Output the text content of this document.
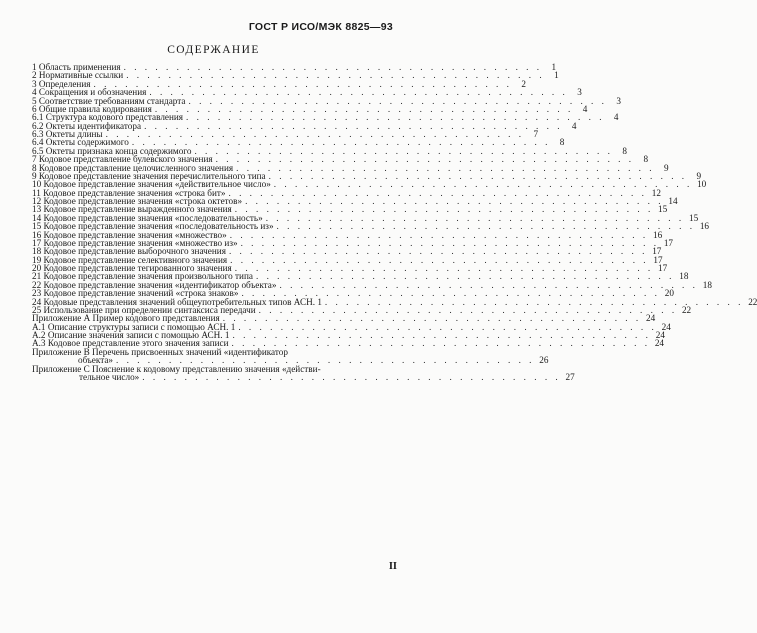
ГОСТ Р ИСО/МЭК 8825—93
СОДЕРЖАНИЕ
1 Область применения . . . . . . . . . . . . . . . . . . . . . . . . . . . . . . . . . . . . . . . .	1
2 Нормативные ссылки . . . . . . . . . . . . . . . . . . . . . . . . . . . . . . . . . . . . . . . .	1
3 Определения . . . . . . . . . . . . . . . . . . . . . . . . . . . . . . . . . . . . . . . .	2
4 Сокращения и обозначения . . . . . . . . . . . . . . . . . . . . . . . . . . . . . . . . . . . . . . . .	3
5 Соответствие требованиям стандарта . . . . . . . . . . . . . . . . . . . . . . . . . . . . . . . . . . . . . . . .	3
6 Общие правила кодирования . . . . . . . . . . . . . . . . . . . . . . . . . . . . . . . . . . . . . . . .	4
6.1 Структура кодового представления . . . . . . . . . . . . . . . . . . . . . . . . . . . . . . . . . . . . . . . .	4
6.2 Октеты идентификатора . . . . . . . . . . . . . . . . . . . . . . . . . . . . . . . . . . . . . . . .	4
6.3 Октеты длины . . . . . . . . . . . . . . . . . . . . . . . . . . . . . . . . . . . . . . . .	7
6.4 Октеты содержимого . . . . . . . . . . . . . . . . . . . . . . . . . . . . . . . . . . . . . . . .	8
6.5 Октеты признака конца содержимого . . . . . . . . . . . . . . . . . . . . . . . . . . . . . . . . . . . . . . . .	8
7 Кодовое представление булевского значения . . . . . . . . . . . . . . . . . . . . . . . . . . . . . . . . . . . . . . . .	8
8 Кодовое представление целочисленного значения . . . . . . . . . . . . . . . . . . . . . . . . . . . . . . . . . . . . . . . .	9
9 Кодовое представление значения перечислительного типа . . . . . . . . . . . . . . . . . . . . . . . . . . . . . . . . . . . . . . . .	9
10 Кодовое представление значения «действительное число» . . . . . . . . . . . . . . . . . . . . . . . . . . . . . . . . . . . . . . . . 10
11 Кодовое представление значения «строка бит» . . . . . . . . . . . . . . . . . . . . . . . . . . . . . . . . . . . . . . . . 12
12 Кодовое представление значения «строка октетов» . . . . . . . . . . . . . . . . . . . . . . . . . . . . . . . . . . . . . . . . 14
13 Кодовое представление выражденного значения . . . . . . . . . . . . . . . . . . . . . . . . . . . . . . . . . . . . . . . . 15
14 Кодовое представление значения «последовательность» . . . . . . . . . . . . . . . . . . . . . . . . . . . . . . . . . . . . . . . . 15
15 Кодовое представление значения «последовательность из» . . . . . . . . . . . . . . . . . . . . . . . . . . . . . . . . . . . . . . . . 16
16 Кодовое представление значения «множество» . . . . . . . . . . . . . . . . . . . . . . . . . . . . . . . . . . . . . . . . 16
17 Кодовое представление значения «множество из» . . . . . . . . . . . . . . . . . . . . . . . . . . . . . . . . . . . . . . . . 17
18 Кодовое представление выборочного значения . . . . . . . . . . . . . . . . . . . . . . . . . . . . . . . . . . . . . . . . 17
19 Кодовое представление селективного значения . . . . . . . . . . . . . . . . . . . . . . . . . . . . . . . . . . . . . . . . 17
20 Кодовое представление тегированного значения . . . . . . . . . . . . . . . . . . . . . . . . . . . . . . . . . . . . . . . . 17
21 Кодовое представление значения произвольного типа . . . . . . . . . . . . . . . . . . . . . . . . . . . . . . . . . . . . . . . . 18
22 Кодовое представление значения «идентификатор объекта» . . . . . . . . . . . . . . . . . . . . . . . . . . . . . . . . . . . . . . . . 18
23 Кодовое представление значений «строка знаков» . . . . . . . . . . . . . . . . . . . . . . . . . . . . . . . . . . . . . . . . 20
24 Кодовые представления значений общеупотребительных типов АСН. 1 . . . . . . . . . . . . . . . . . . . . . . . . . . . . . . . . . . . . . . . . 22
25 Использование при определении синтаксиса передачи . . . . . . . . . . . . . . . . . . . . . . . . . . . . . . . . . . . . . . . . 22
Приложение А Пример кодового представления . . . . . . . . . . . . . . . . . . . . . . . . . . . . . . . . . . . . . . . . 24
А.1 Описание структуры записи с помощью АСН. 1 . . . . . . . . . . . . . . . . . . . . . . . . . . . . . . . . . . . . . . . . 24
А.2 Описание значения записи с помощью АСН. 1 . . . . . . . . . . . . . . . . . . . . . . . . . . . . . . . . . . . . . . . . 24
А.3 Кодовое представление этого значения записи . . . . . . . . . . . . . . . . . . . . . . . . . . . . . . . . . . . . . . . . 24
Приложение В Перечень присвоенных значений «идентификатор
объекта» . . . . . . . . . . . . . . . . . . . . . . . . . . . . . . . . . . . . . . . . 26
Приложение С Пояснение к кодовому представлению значения «действи-
тельное число» . . . . . . . . . . . . . . . . . . . . . . . . . . . . . . . . . . . . . . . . 27
II
